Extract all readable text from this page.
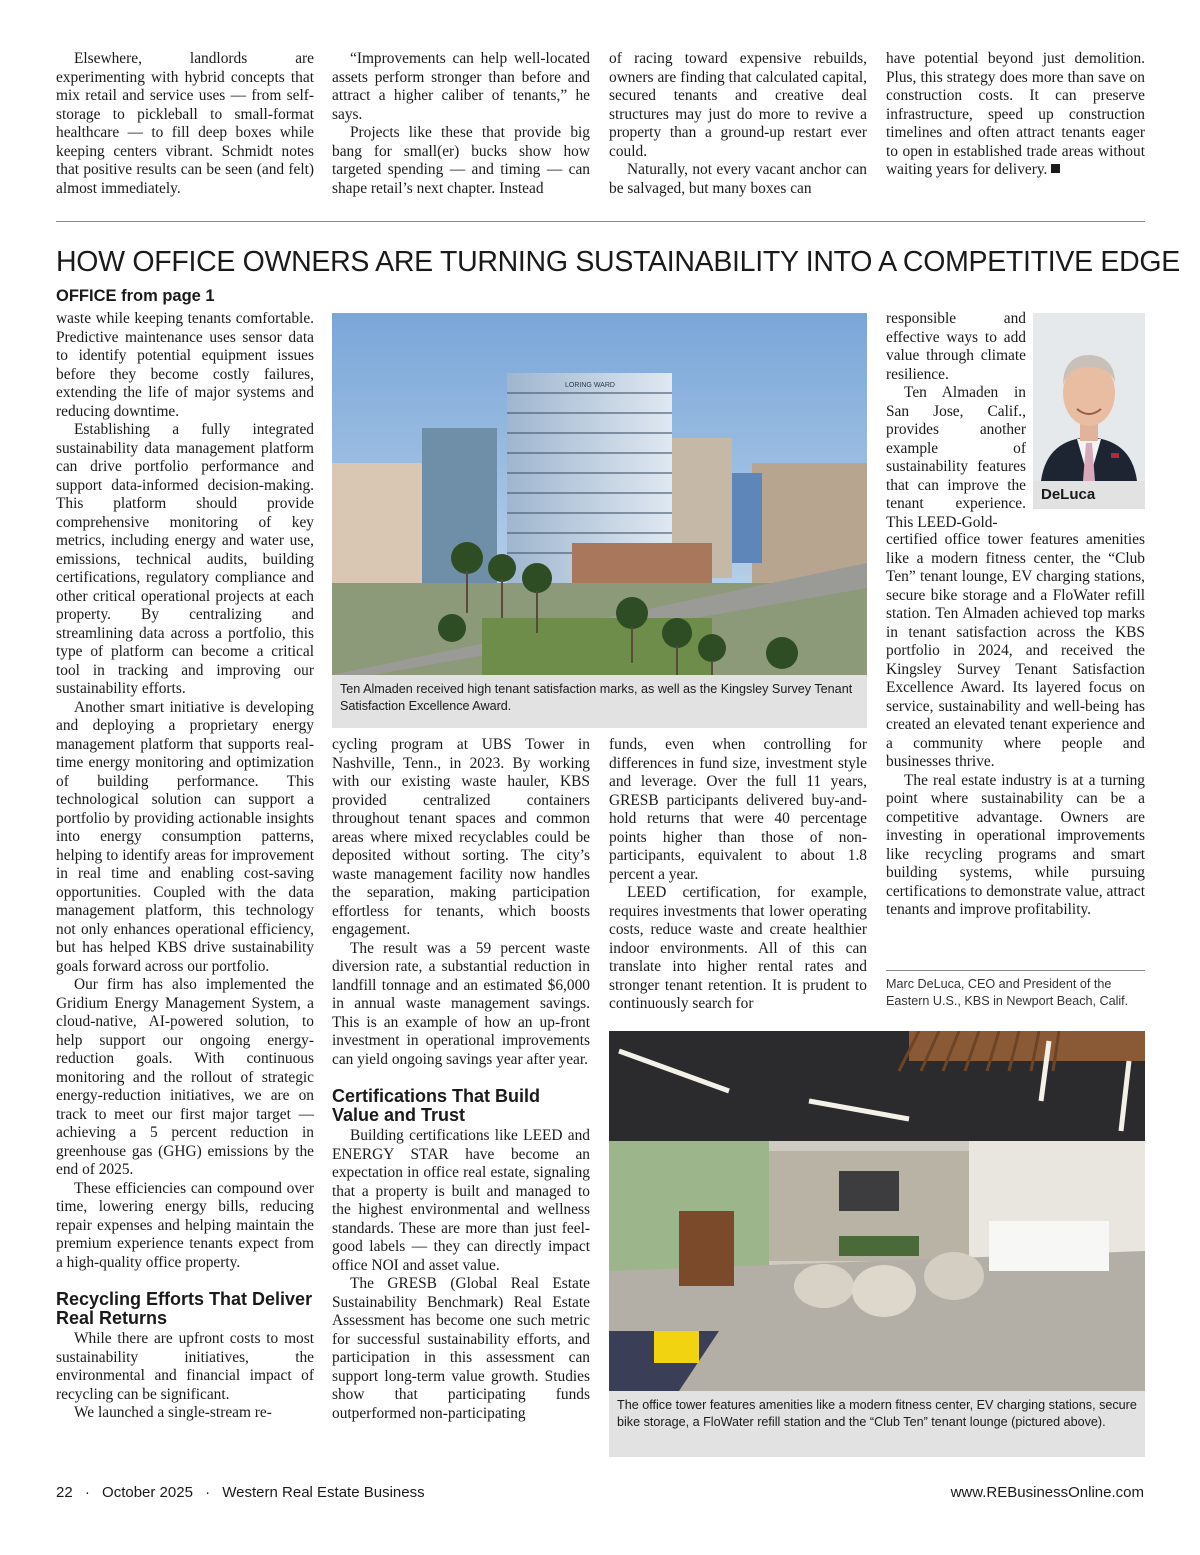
Elsewhere, landlords are experimenting with hybrid concepts that mix retail and service uses — from self-storage to pickleball to small-format healthcare — to fill deep boxes while keeping centers vibrant. Schmidt notes that positive results can be seen (and felt) almost immediately.

“Improvements can help well-located assets perform stronger than before and attract a higher caliber of tenants,” he says.

Projects like these that provide big bang for small(er) bucks show how targeted spending — and timing — can shape retail’s next chapter. Instead

of racing toward expensive rebuilds, owners are finding that calculated capital, secured tenants and creative deal structures may just do more to revive a property than a ground-up restart ever could.

Naturally, not every vacant anchor can be salvaged, but many boxes can

have potential beyond just demolition. Plus, this strategy does more than save on construction costs. It can preserve infrastructure, speed up construction timelines and often attract tenants eager to open in established trade areas without waiting years for delivery.

HOW OFFICE OWNERS ARE TURNING SUSTAINABILITY INTO A COMPETITIVE EDGE
OFFICE from page 1

waste while keeping tenants comfortable. Predictive maintenance uses sensor data to identify potential equipment issues before they become costly failures, extending the life of major systems and reducing downtime.

Establishing a fully integrated sustainability data management platform can drive portfolio performance and support data-informed decision-making. This platform should provide comprehensive monitoring of key metrics, including energy and water use, emissions, technical audits, building certifications, regulatory compliance and other critical operational projects at each property. By centralizing and streamlining data across a portfolio, this type of platform can become a critical tool in tracking and improving our sustainability efforts.

Another smart initiative is developing and deploying a proprietary energy management platform that supports real-time energy monitoring and optimization of building performance. This technological solution can support a portfolio by providing actionable insights into energy consumption patterns, helping to identify areas for improvement in real time and enabling cost-saving opportunities. Coupled with the data management platform, this technology not only enhances operational efficiency, but has helped KBS drive sustainability goals forward across our portfolio.

Our firm has also implemented the Gridium Energy Management System, a cloud-native, AI-powered solution, to help support our ongoing energy-reduction goals. With continuous monitoring and the rollout of strategic energy-reduction initiatives, we are on track to meet our first major target — achieving a 5 percent reduction in greenhouse gas (GHG) emissions by the end of 2025.

These efficiencies can compound over time, lowering energy bills, reducing repair expenses and helping maintain the premium experience tenants expect from a high-quality office property.

Recycling Efforts That Deliver Real Returns

While there are upfront costs to most sustainability initiatives, the environmental and financial impact of recycling can be significant.

We launched a single-stream re-

LORING WARD
Ten Almaden received high tenant satisfaction marks, as well as the Kingsley Survey Tenant Satisfaction Excellence Award.

cycling program at UBS Tower in Nashville, Tenn., in 2023. By working with our existing waste hauler, KBS provided centralized containers throughout tenant spaces and common areas where mixed recyclables could be deposited without sorting. The city’s waste management facility now handles the separation, making participation effortless for tenants, which boosts engagement.

The result was a 59 percent waste diversion rate, a substantial reduction in landfill tonnage and an estimated $6,000 in annual waste management savings. This is an example of how an up-front investment in operational improvements can yield ongoing savings year after year.

Certifications That Build Value and Trust

Building certifications like LEED and ENERGY STAR have become an expectation in office real estate, signaling that a property is built and managed to the highest environmental and wellness standards. These are more than just feel-good labels — they can directly impact office NOI and asset value.

The GRESB (Global Real Estate Sustainability Benchmark) Real Estate Assessment has become one such metric for successful sustainability efforts, and participation in this assessment can support long-term value growth. Studies show that participating funds outperformed non-participating

funds, even when controlling for differences in fund size, investment style and leverage. Over the full 11 years, GRESB participants delivered buy-and-hold returns that were 40 percentage points higher than those of non-participants, equivalent to about 1.8 percent a year.

LEED certification, for example, requires investments that lower operating costs, reduce waste and create healthier indoor environments. All of this can translate into higher rental rates and stronger tenant retention. It is prudent to continuously search for

DeLuca

responsible and effective ways to add value through climate resilience.

Ten Almaden in San Jose, Calif., provides another example of sustainability features that can improve the tenant experience. This LEED-Gold-

certified office tower features amenities like a modern fitness center, the “Club Ten” tenant lounge, EV charging stations, secure bike storage and a FloWater refill station. Ten Almaden achieved top marks in tenant satisfaction across the KBS portfolio in 2024, and received the Kingsley Survey Tenant Satisfaction Excellence Award. Its layered focus on service, sustainability and well-being has created an elevated tenant experience and a community where people and businesses thrive.

The real estate industry is at a turning point where sustainability can be a competitive advantage. Owners are investing in operational improvements like recycling programs and smart building systems, while pursuing certifications to demonstrate value, attract tenants and improve profitability.

Marc DeLuca, CEO and President of the Eastern U.S., KBS in Newport Beach, Calif.
The office tower features amenities like a modern fitness center, EV charging stations, secure bike storage, a FloWater refill station and the “Club Ten” tenant lounge (pictured above).
22 · October 2025 · Western Real Estate Business	www.REBusinessOnline.com
